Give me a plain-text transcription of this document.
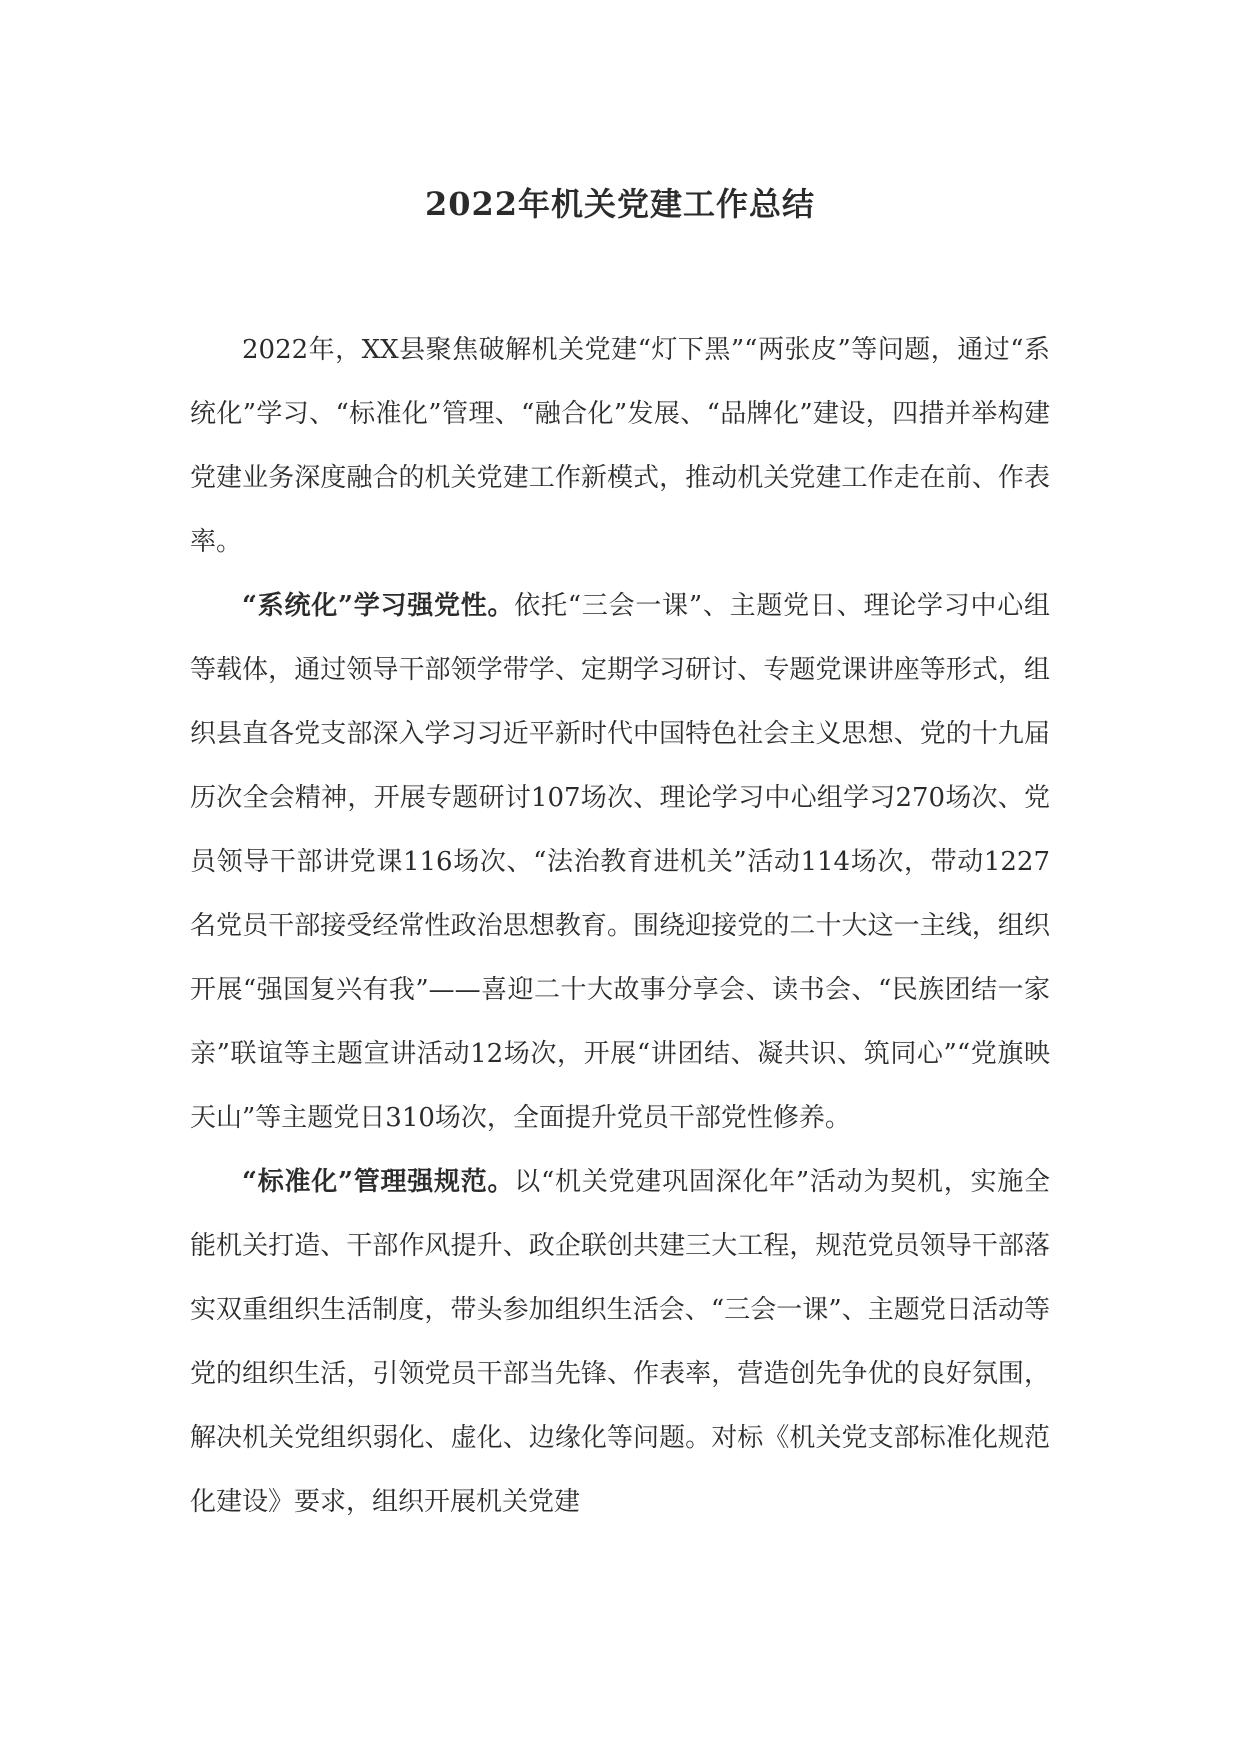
2022年机关党建工作总结

2022年，XX县聚焦破解机关党建“灯下黑”“两张皮”等问题，通过“系统化”学习、“标准化”管理、“融合化”发展、“品牌化”建设，四措并举构建党建业务深度融合的机关党建工作新模式，推动机关党建工作走在前、作表率。

“系统化”学习强党性。依托“三会一课”、主题党日、理论学习中心组等载体，通过领导干部领学带学、定期学习研讨、专题党课讲座等形式，组织县直各党支部深入学习习近平新时代中国特色社会主义思想、党的十九届历次全会精神，开展专题研讨107场次、理论学习中心组学习270场次、党员领导干部讲党课116场次、“法治教育进机关”活动114场次，带动1227名党员干部接受经常性政治思想教育。围绕迎接党的二十大这一主线，组织开展“强国复兴有我”——喜迎二十大故事分享会、读书会、“民族团结一家亲”联谊等主题宣讲活动12场次，开展“讲团结、凝共识、筑同心”“党旗映天山”等主题党日310场次，全面提升党员干部党性修养。

“标准化”管理强规范。以“机关党建巩固深化年”活动为契机，实施全能机关打造、干部作风提升、政企联创共建三大工程，规范党员领导干部落实双重组织生活制度，带头参加组织生活会、“三会一课”、主题党日活动等党的组织生活，引领党员干部当先锋、作表率，营造创先争优的良好氛围，解决机关党组织弱化、虚化、边缘化等问题。对标《机关党支部标准化规范化建设》要求，组织开展机关党建
